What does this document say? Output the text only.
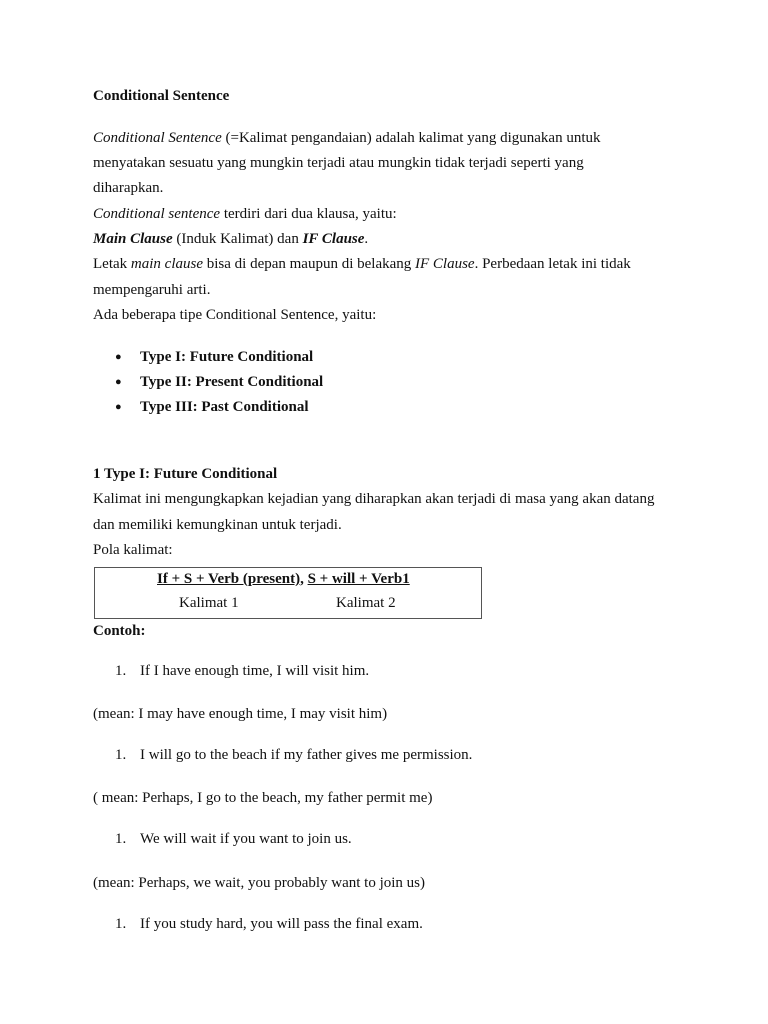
Conditional Sentence
Conditional Sentence (=Kalimat pengandaian) adalah kalimat yang digunakan untuk
menyatakan sesuatu yang mungkin terjadi atau mungkin tidak terjadi seperti yang
diharapkan.
Conditional sentence terdiri dari dua klausa, yaitu:
Main Clause (Induk Kalimat) dan IF Clause.
Letak main clause bisa di depan maupun di belakang IF Clause. Perbedaan letak ini tidak
mempengaruhi arti.
Ada beberapa tipe Conditional Sentence, yaitu:
● Type I: Future Conditional
● Type II: Present Conditional
● Type III: Past Conditional
1 Type I: Future Conditional
Kalimat ini mengungkapkan kejadian yang diharapkan akan terjadi di masa yang akan datang
dan memiliki kemungkinan untuk terjadi.
Pola kalimat:
If + S + Verb (present), S + will + Verb1
Kalimat 1	Kalimat 2
Contoh:
1. If I have enough time, I will visit him.
(mean: I may have enough time, I may visit him)
1. I will go to the beach if my father gives me permission.
( mean: Perhaps, I go to the beach, my father permit me)
1. We will wait if you want to join us.
(mean: Perhaps, we wait, you probably want to join us)
1. If you study hard, you will pass the final exam.
